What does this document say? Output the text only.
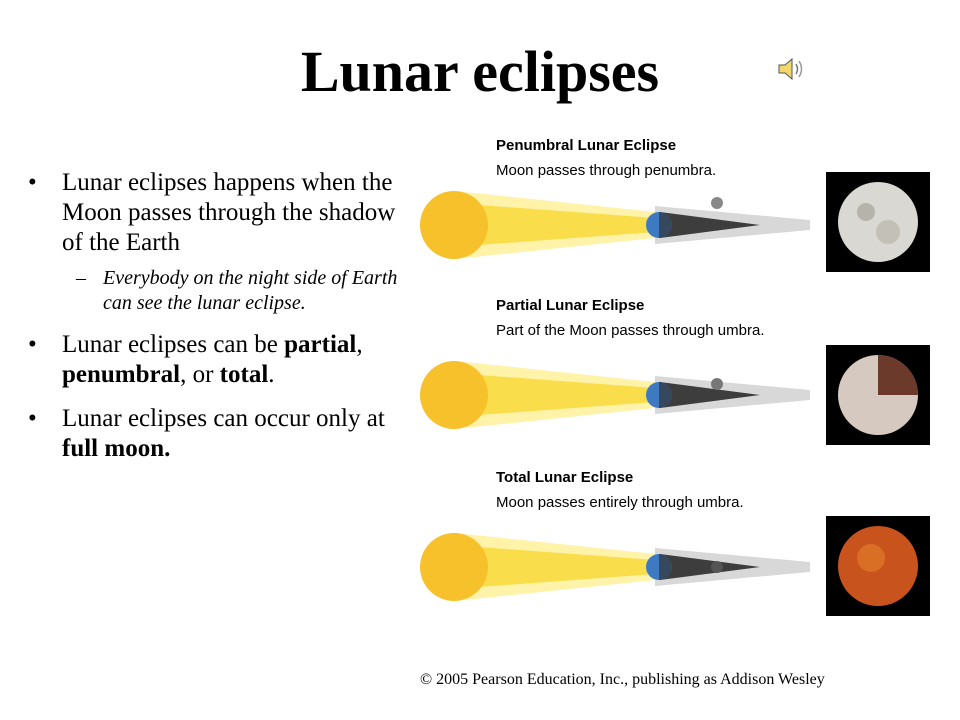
Lunar eclipses
• Lunar eclipses happens when the Moon passes through the shadow of the Earth
– Everybody on the night side of Earth can see the lunar eclipse.
• Lunar eclipses can be partial, penumbral, or total.
• Lunar eclipses can occur only at full moon.
Penumbral Lunar Eclipse
Moon passes through penumbra.
Partial Lunar Eclipse
Part of the Moon passes through umbra.
Total Lunar Eclipse
Moon passes entirely through umbra.
© 2005 Pearson Education, Inc., publishing as Addison Wesley
